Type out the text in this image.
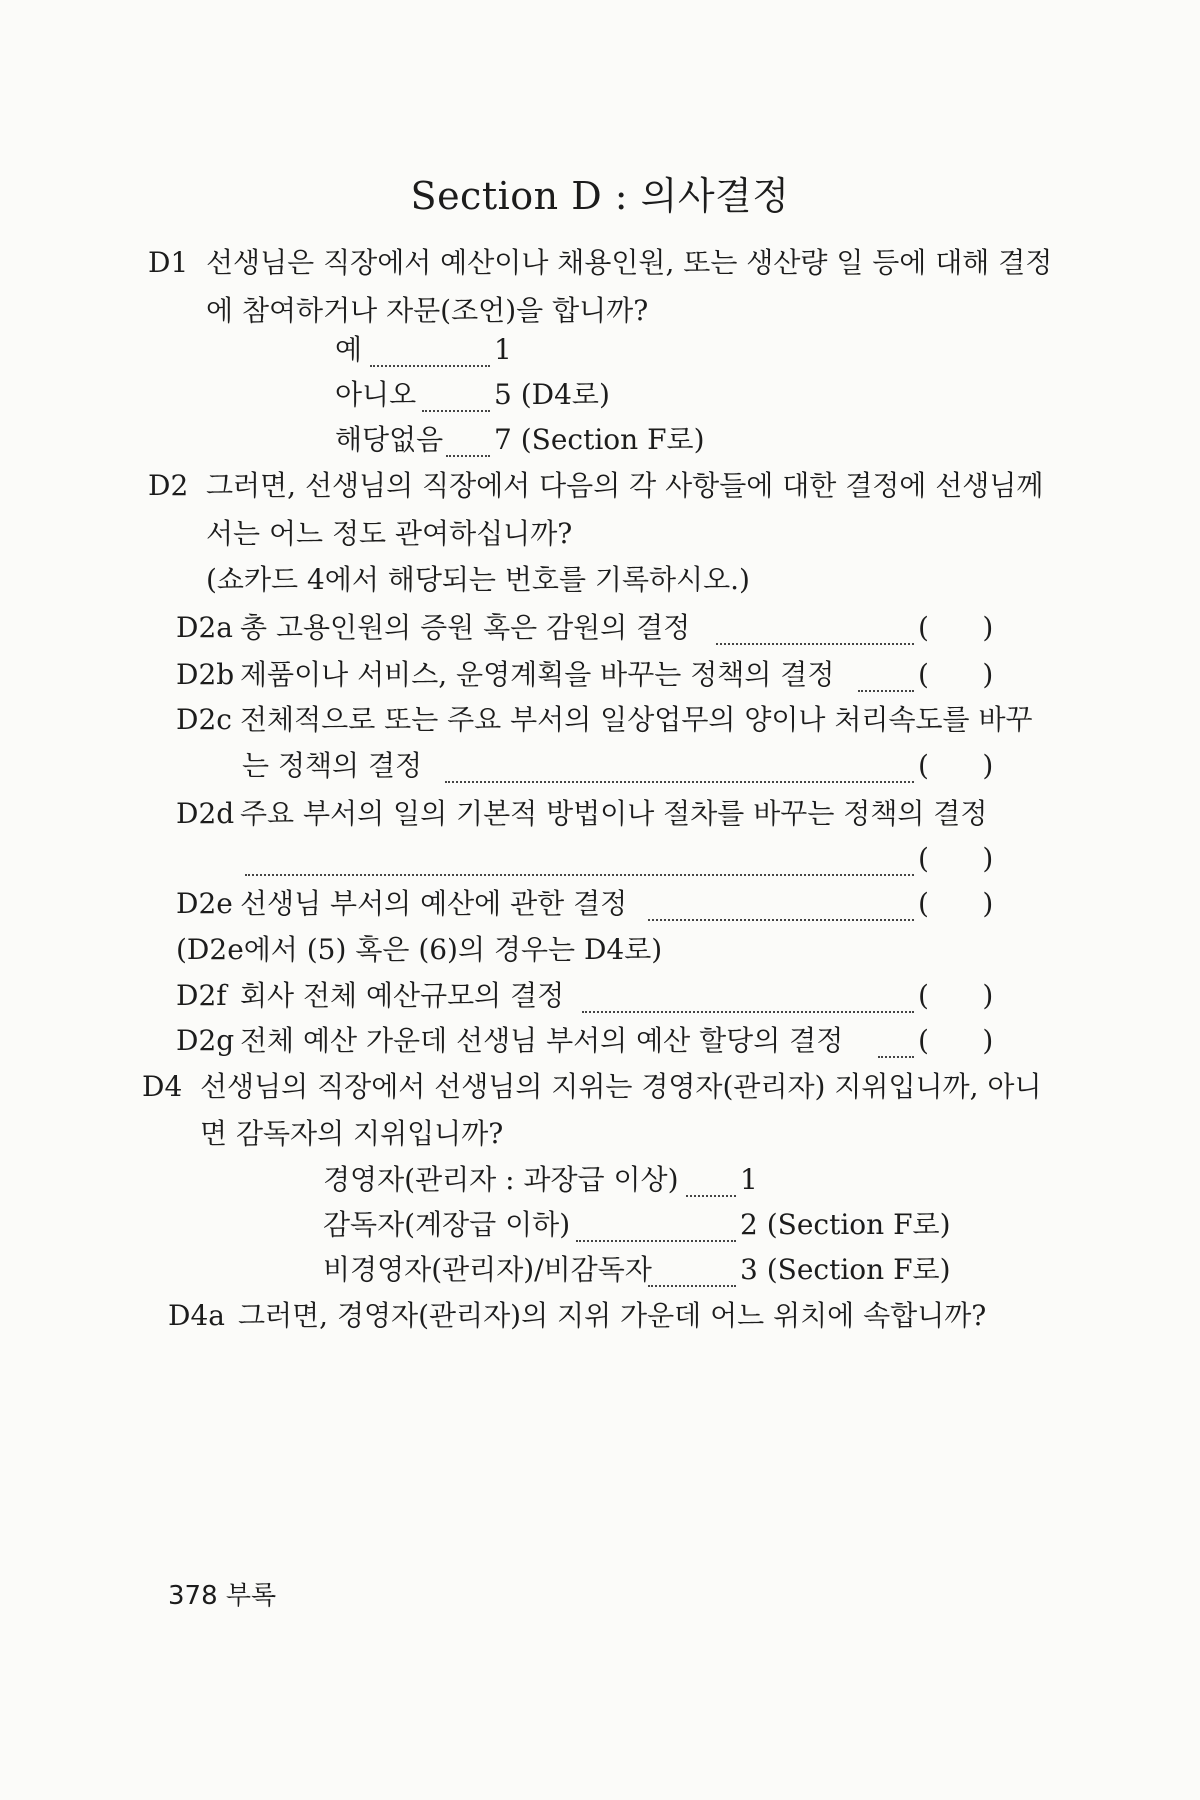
Section D : 의사결정
D1 선생님은 직장에서 예산이나 채용인원, 또는 생산량 일 등에 대해 결정
에 참여하거나 자문(조언)을 합니까?
예	1
아니오	5 (D4로)
해당없음 7 (Section F로)
D2 그러면, 선생님의 직장에서 다음의 각 사항들에 대한 결정에 선생님께
서는 어느 정도 관여하십니까?
(쇼카드 4에서 해당되는 번호를 기록하시오.)
D2a 총 고용인원의 증원 혹은 감원의 결정	(      )
D2b 제품이나 서비스, 운영계획을 바꾸는 정책의 결정	(      )
D2c 전체적으로 또는 주요 부서의 일상업무의 양이나 처리속도를 바꾸
는 정책의 결정	(      )
D2d 주요 부서의 일의 기본적 방법이나 절차를 바꾸는 정책의 결정
(      )
D2e 선생님 부서의 예산에 관한 결정	(      )
(D2e에서 (5) 혹은 (6)의 경우는 D4로)
D2f 회사 전체 예산규모의 결정	(      )
D2g 전체 예산 가운데 선생님 부서의 예산 할당의 결정	(      )
D4 선생님의 직장에서 선생님의 지위는 경영자(관리자) 지위입니까, 아니
면 감독자의 지위입니까?
경영자(관리자 : 과장급 이상) 1
감독자(계장급 이하)	2 (Section F로)
비경영자(관리자)/비감독자	3 (Section F로)
D4a 그러면, 경영자(관리자)의 지위 가운데 어느 위치에 속합니까?
378 부록
